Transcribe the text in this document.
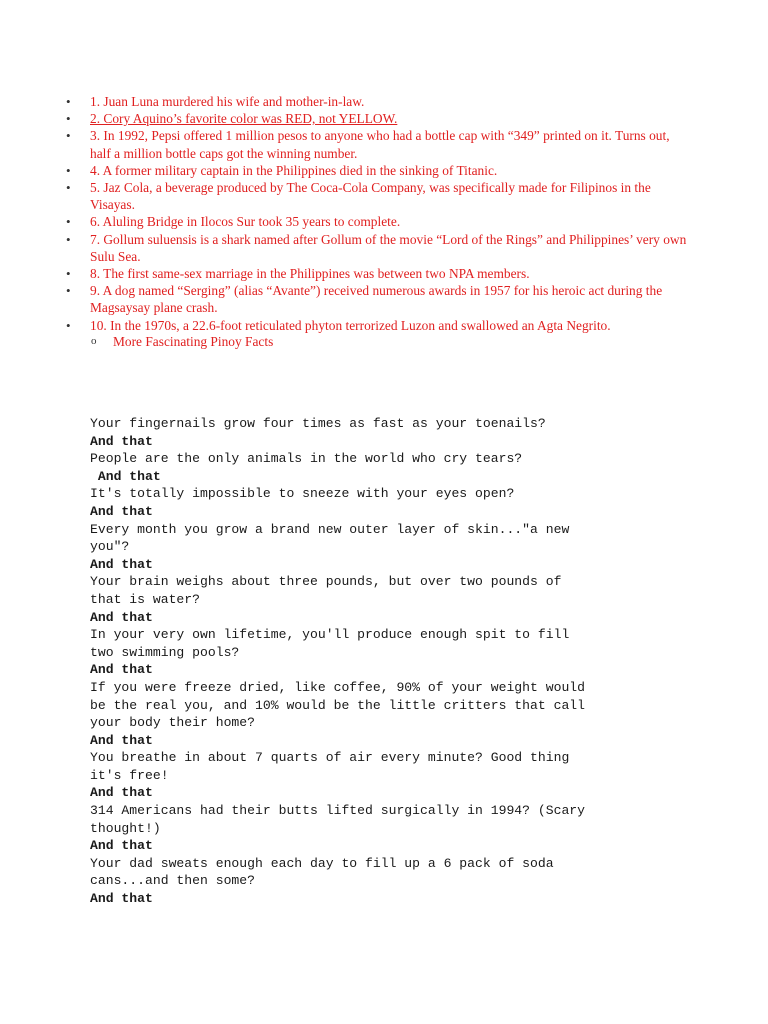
• 1. Juan Luna murdered his wife and mother-in-law.
• 2. Cory Aquino’s favorite color was RED, not YELLOW.
• 3. In 1992, Pepsi offered 1 million pesos to anyone who had a bottle cap with “349” printed on it. Turns out, half a million bottle caps got the winning number.
• 4. A former military captain in the Philippines died in the sinking of Titanic.
• 5. Jaz Cola, a beverage produced by The Coca-Cola Company, was specifically made for Filipinos in the Visayas.
• 6. Aluling Bridge in Ilocos Sur took 35 years to complete.
• 7. Gollum suluensis is a shark named after Gollum of the movie “Lord of the Rings” and Philippines’ very own Sulu Sea.
• 8. The first same-sex marriage in the Philippines was between two NPA members.
• 9. A dog named “Serging” (alias “Avante”) received numerous awards in 1957 for his heroic act during the Magsaysay plane crash.
• 10. In the 1970s, a 22.6-foot reticulated phyton terrorized Luzon and swallowed an Agta Negrito.
o More Fascinating Pinoy Facts
Your fingernails grow four times as fast as your toenails?
And that
People are the only animals in the world who cry tears?
And that
It's totally impossible to sneeze with your eyes open?
And that
Every month you grow a brand new outer layer of skin..."a new
you"?
And that
Your brain weighs about three pounds, but over two pounds of
that is water?
And that
In your very own lifetime, you'll produce enough spit to fill
two swimming pools?
And that
If you were freeze dried, like coffee, 90% of your weight would
be the real you, and 10% would be the little critters that call
your body their home?
And that
You breathe in about 7 quarts of air every minute? Good thing
it's free!
And that
314 Americans had their butts lifted surgically in 1994? (Scary
thought!)
And that
Your dad sweats enough each day to fill up a 6 pack of soda
cans...and then some?
And that
